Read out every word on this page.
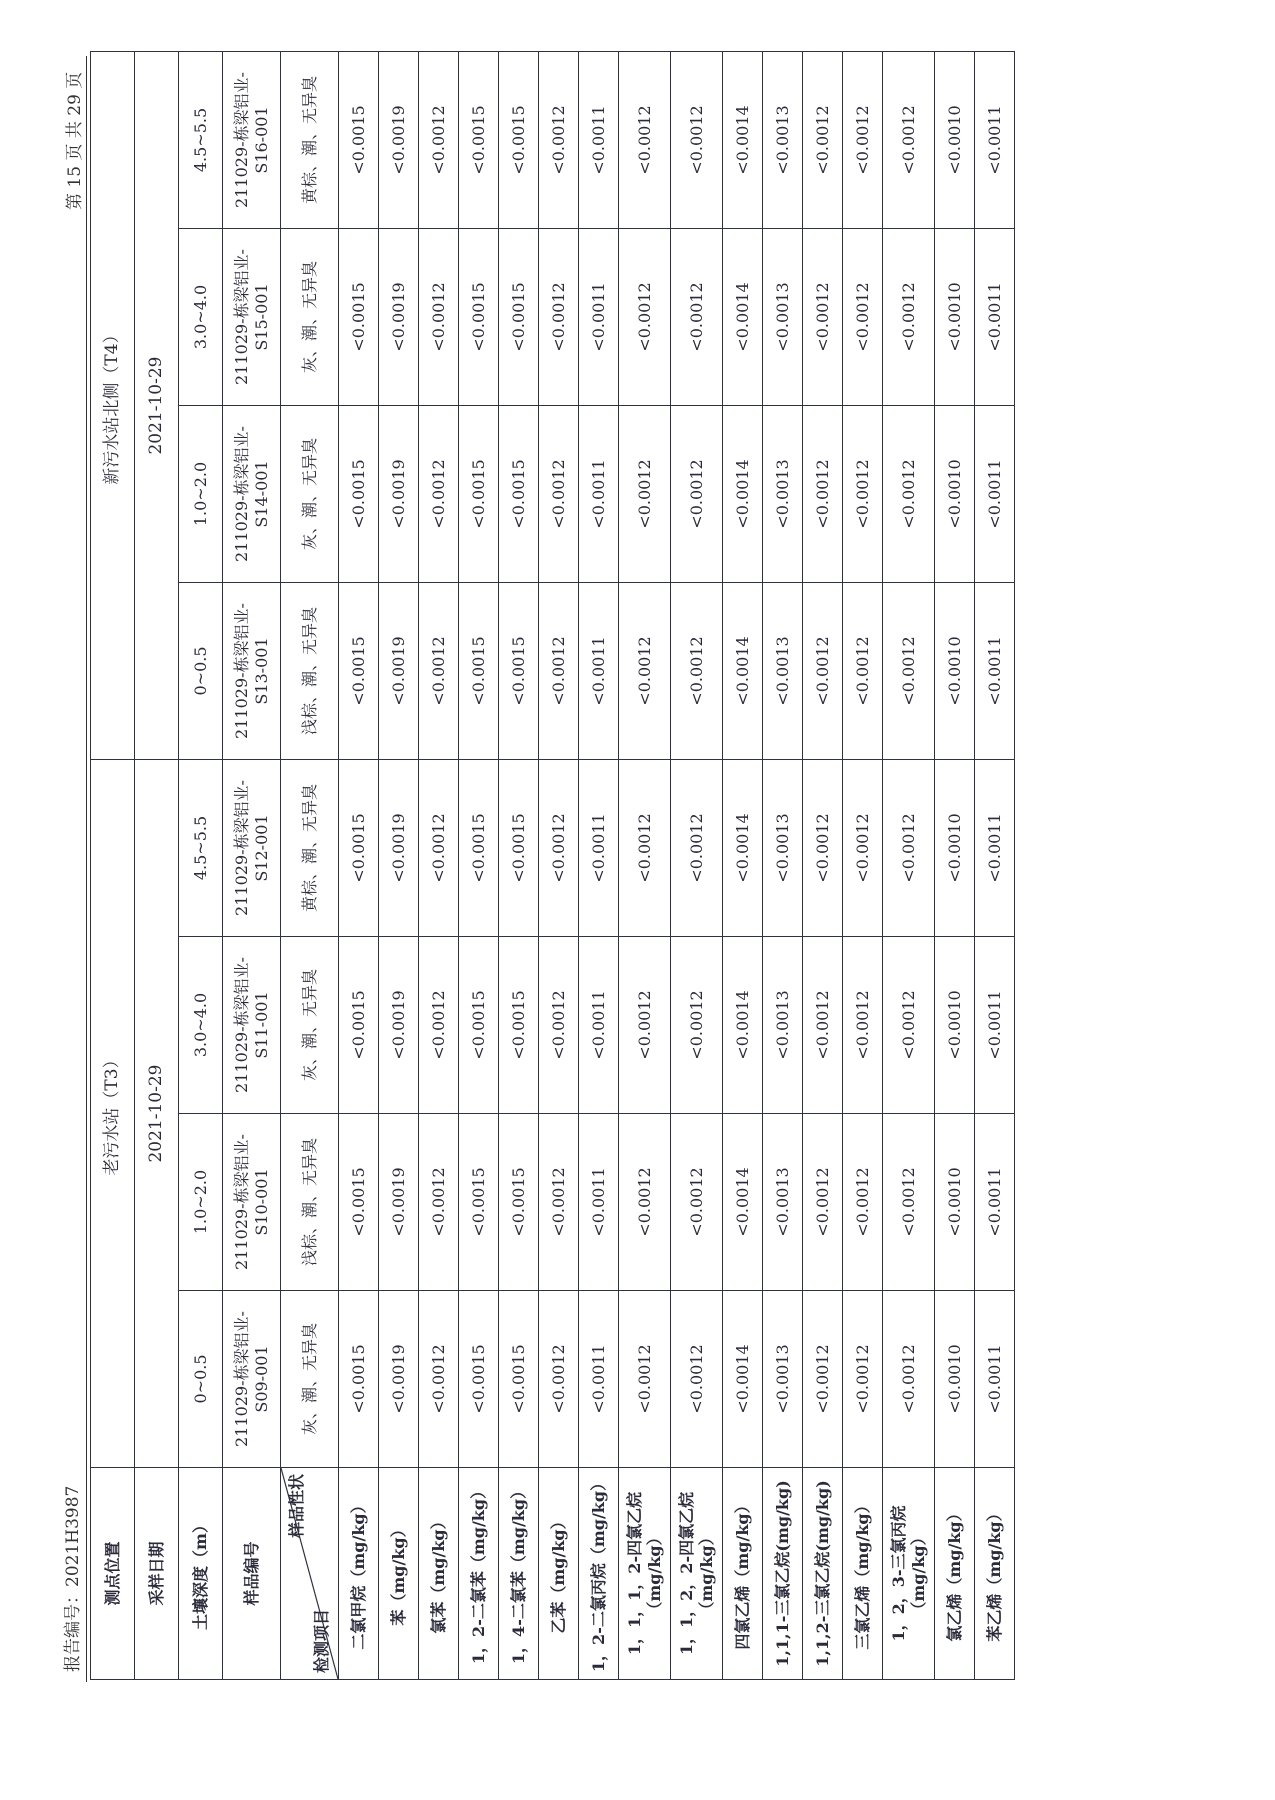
报告编号：2021H3987
第 15 页 共 29 页
测点位置	老污水站（T3）				新污水站北侧（T4）			
采样日期	2021-10-29				2021-10-29			
土壤深度（m）	0~0.5	1.0~2.0	3.0~4.0	4.5~5.5	0~0.5	1.0~2.0	3.0~4.0	4.5~5.5
样品编号	211029-栋梁铝业-S09-001	211029-栋梁铝业-S10-001	211029-栋梁铝业-S11-001	211029-栋梁铝业-S12-001	211029-栋梁铝业-S13-001	211029-栋梁铝业-S14-001	211029-栋梁铝业-S15-001	211029-栋梁铝业-S16-001

样品性状
检测项目	灰、潮、无异臭	浅棕、潮、无异臭	灰、潮、无异臭	黄棕、潮、无异臭	浅棕、潮、无异臭	灰、潮、无异臭	灰、潮、无异臭	黄棕、潮、无异臭
二氯甲烷（mg/kg）	<0.0015	<0.0015	<0.0015	<0.0015	<0.0015	<0.0015	<0.0015	<0.0015
苯（mg/kg）	<0.0019	<0.0019	<0.0019	<0.0019	<0.0019	<0.0019	<0.0019	<0.0019
氯苯（mg/kg）	<0.0012	<0.0012	<0.0012	<0.0012	<0.0012	<0.0012	<0.0012	<0.0012
1，2-二氯苯（mg/kg）	<0.0015	<0.0015	<0.0015	<0.0015	<0.0015	<0.0015	<0.0015	<0.0015
1，4-二氯苯（mg/kg）	<0.0015	<0.0015	<0.0015	<0.0015	<0.0015	<0.0015	<0.0015	<0.0015
乙苯（mg/kg）	<0.0012	<0.0012	<0.0012	<0.0012	<0.0012	<0.0012	<0.0012	<0.0012
1，2-二氯丙烷（mg/kg）	<0.0011	<0.0011	<0.0011	<0.0011	<0.0011	<0.0011	<0.0011	<0.0011
1，1，1，2-四氯乙烷（mg/kg）	<0.0012	<0.0012	<0.0012	<0.0012	<0.0012	<0.0012	<0.0012	<0.0012
1，1，2，2-四氯乙烷（mg/kg）	<0.0012	<0.0012	<0.0012	<0.0012	<0.0012	<0.0012	<0.0012	<0.0012
四氯乙烯（mg/kg）	<0.0014	<0.0014	<0.0014	<0.0014	<0.0014	<0.0014	<0.0014	<0.0014
1,1,1-三氯乙烷(mg/kg)	<0.0013	<0.0013	<0.0013	<0.0013	<0.0013	<0.0013	<0.0013	<0.0013
1,1,2-三氯乙烷(mg/kg)	<0.0012	<0.0012	<0.0012	<0.0012	<0.0012	<0.0012	<0.0012	<0.0012
三氯乙烯（mg/kg）	<0.0012	<0.0012	<0.0012	<0.0012	<0.0012	<0.0012	<0.0012	<0.0012
1，2，3-三氯丙烷（mg/kg）	<0.0012	<0.0012	<0.0012	<0.0012	<0.0012	<0.0012	<0.0012	<0.0012
氯乙烯（mg/kg）	<0.0010	<0.0010	<0.0010	<0.0010	<0.0010	<0.0010	<0.0010	<0.0010
苯乙烯（mg/kg）	<0.0011	<0.0011	<0.0011	<0.0011	<0.0011	<0.0011	<0.0011	<0.0011
